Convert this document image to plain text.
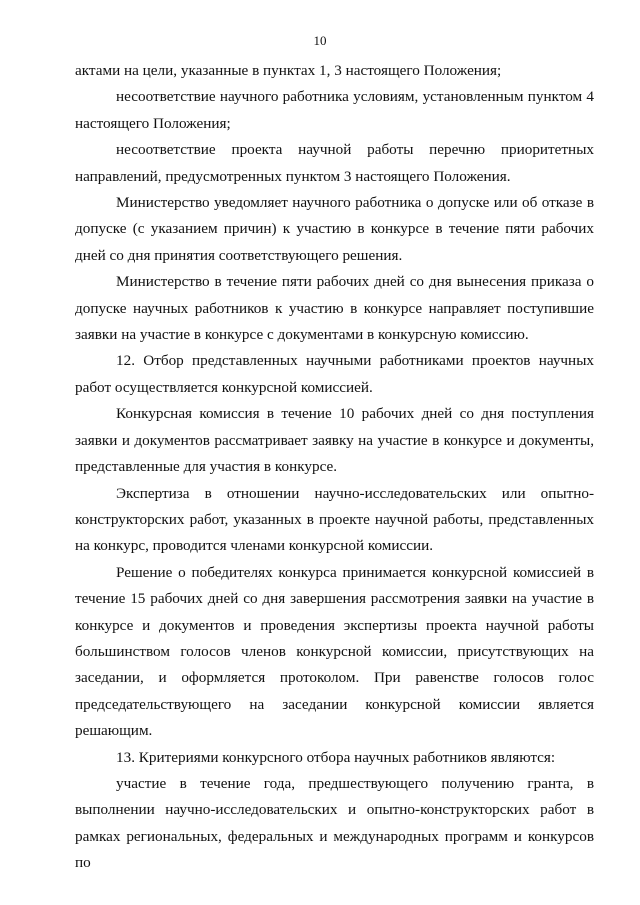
10

актами на цели, указанные в пунктах 1, 3 настоящего Положения;

несоответствие научного работника условиям, установленным пунктом 4 настоящего Положения;

несоответствие проекта научной работы перечню приоритетных направлений, предусмотренных пунктом 3 настоящего Положения.

Министерство уведомляет научного работника о допуске или об отказе в допуске (с указанием причин) к участию в конкурсе в течение пяти рабочих дней со дня принятия соответствующего решения.

Министерство в течение пяти рабочих дней со дня вынесения приказа о допуске научных работников к участию в конкурсе направляет поступившие заявки на участие в конкурсе с документами в конкурсную комиссию.

12. Отбор представленных научными работниками проектов научных работ осуществляется конкурсной комиссией.

Конкурсная комиссия в течение 10 рабочих дней со дня поступления заявки и документов рассматривает заявку на участие в конкурсе и документы, представленные для участия в конкурсе.

Экспертиза в отношении научно-исследовательских или опытно-конструкторских работ, указанных в проекте научной работы, представленных на конкурс, проводится членами конкурсной комиссии.

Решение о победителях конкурса принимается конкурсной комиссией в течение 15 рабочих дней со дня завершения рассмотрения заявки на участие в конкурсе и документов и проведения экспертизы проекта научной работы большинством голосов членов конкурсной комиссии, присутствующих на заседании, и оформляется протоколом. При равенстве голосов голос председательствующего на заседании конкурсной комиссии является решающим.

13. Критериями конкурсного отбора научных работников являются:

участие в течение года, предшествующего получению гранта, в выполнении научно-исследовательских и опытно-конструкторских работ в рамках региональных, федеральных и международных программ и конкурсов по
